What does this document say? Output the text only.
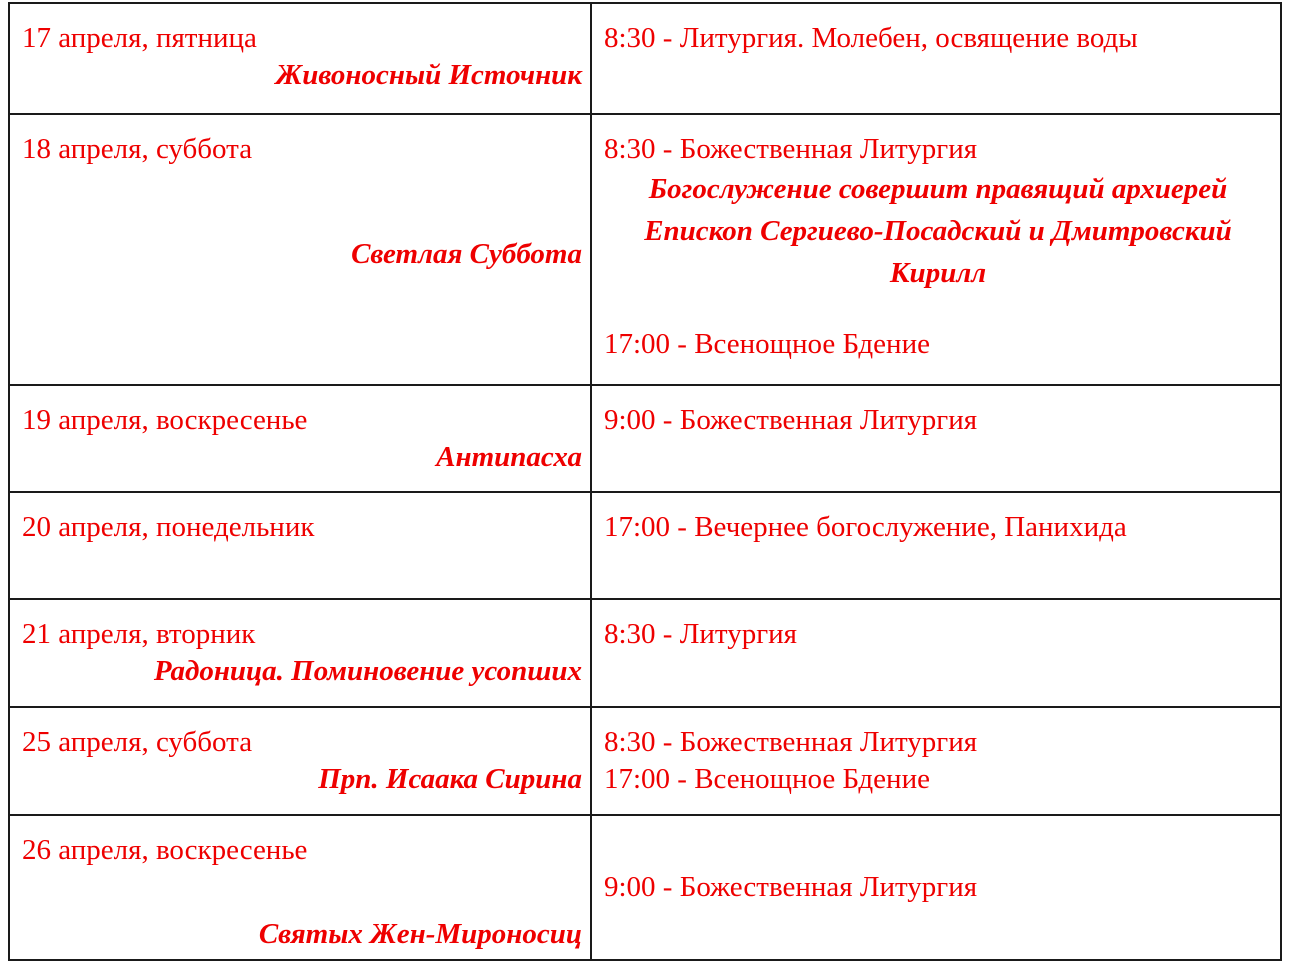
17 апреля, пятница
Живоносный Источник	8:30 - Литургия. Молебен, освящение воды

18 апреля, суббота
Светлая Суббота	8:30 - Божественная Литургия
Богослужение совершит правящий архиерей Епископ Сергиево-Посадский и Дмитровский Кирилл
17:00 - Всенощное Бдение

19 апреля, воскресенье
Антипасха	9:00 - Божественная Литургия

20 апреля, понедельник	17:00 - Вечернее богослужение, Панихида

21 апреля, вторник
Радоница. Поминовение усопших	8:30 - Литургия

25 апреля, суббота
Прп. Исаака Сирина	8:30 - Божественная Литургия
17:00 - Всенощное Бдение

26 апреля, воскресенье
Святых Жен-Мироносиц	9:00 - Божественная Литургия
